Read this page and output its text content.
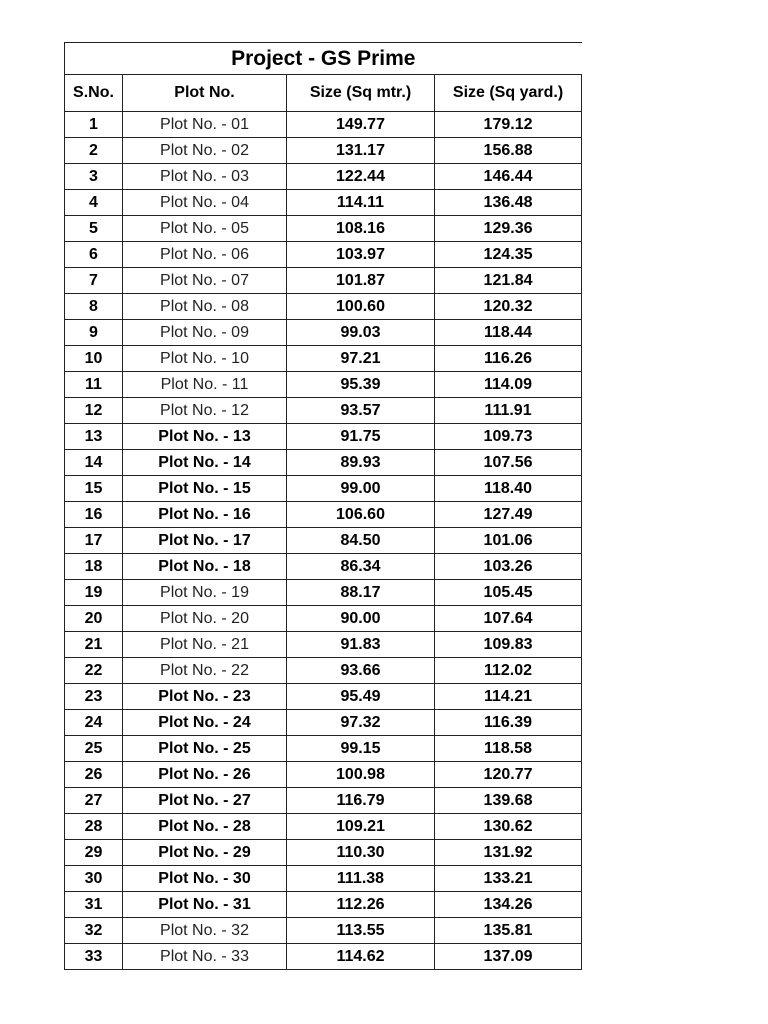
Project - GS Prime			
S.No.	Plot No.	Size (Sq mtr.)	Size (Sq yard.)
1	Plot No. - 01	149.77	179.12
2	Plot No. - 02	131.17	156.88
3	Plot No. - 03	122.44	146.44
4	Plot No. - 04	114.11	136.48
5	Plot No. - 05	108.16	129.36
6	Plot No. - 06	103.97	124.35
7	Plot No. - 07	101.87	121.84
8	Plot No. - 08	100.60	120.32
9	Plot No. - 09	99.03	118.44
10	Plot No. - 10	97.21	116.26
11	Plot No. - 11	95.39	114.09
12	Plot No. - 12	93.57	111.91
13	Plot No. - 13	91.75	109.73
14	Plot No. - 14	89.93	107.56
15	Plot No. - 15	99.00	118.40
16	Plot No. - 16	106.60	127.49
17	Plot No. - 17	84.50	101.06
18	Plot No. - 18	86.34	103.26
19	Plot No. - 19	88.17	105.45
20	Plot No. - 20	90.00	107.64
21	Plot No. - 21	91.83	109.83
22	Plot No. - 22	93.66	112.02
23	Plot No. - 23	95.49	114.21
24	Plot No. - 24	97.32	116.39
25	Plot No. - 25	99.15	118.58
26	Plot No. - 26	100.98	120.77
27	Plot No. - 27	116.79	139.68
28	Plot No. - 28	109.21	130.62
29	Plot No. - 29	110.30	131.92
30	Plot No. - 30	111.38	133.21
31	Plot No. - 31	112.26	134.26
32	Plot No. - 32	113.55	135.81
33	Plot No. - 33	114.62	137.09
